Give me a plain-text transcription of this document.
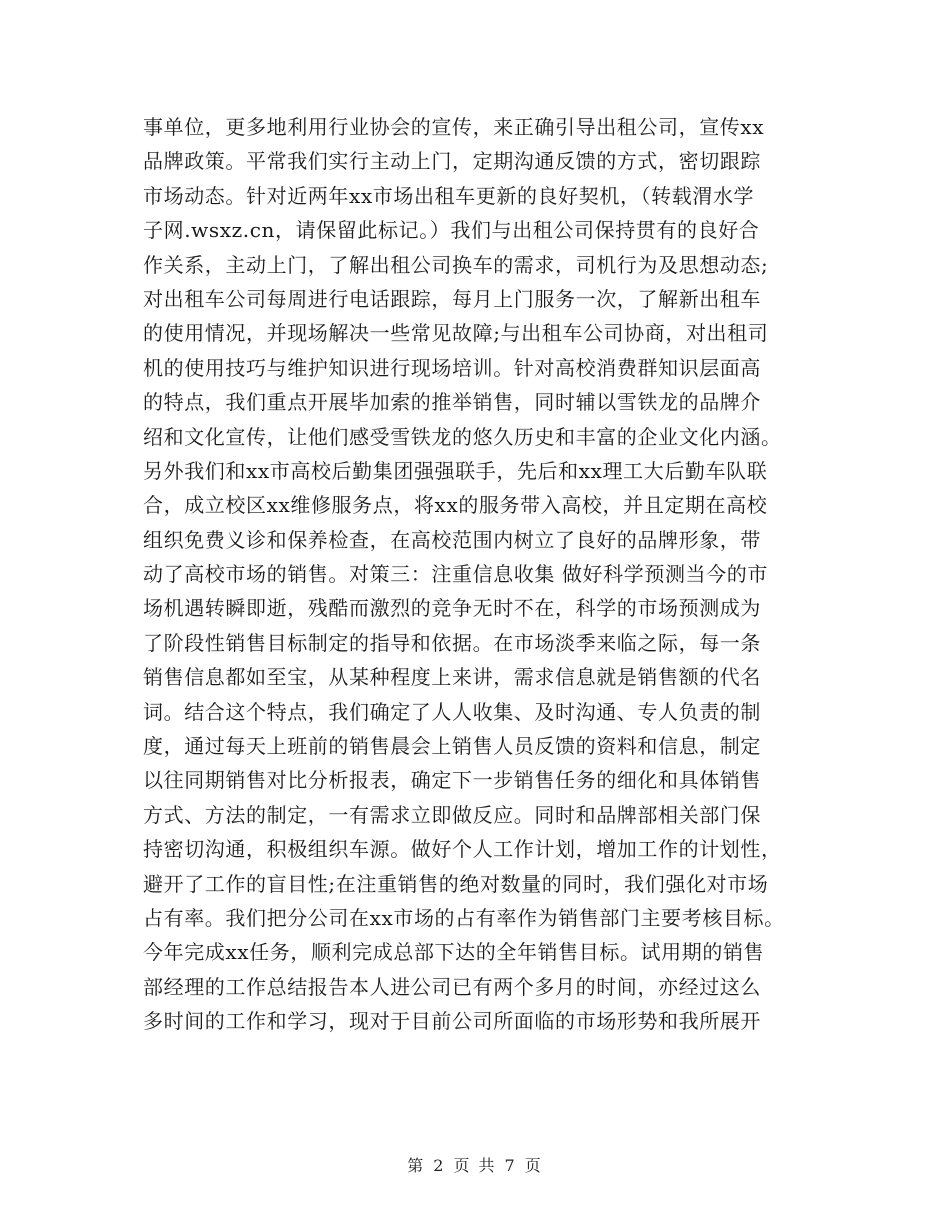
事单位，更多地利用行业协会的宣传，来正确引导出租公司，宣传xx
品牌政策。平常我们实行主动上门，定期沟通反馈的方式，密切跟踪
市场动态。针对近两年xx市场出租车更新的良好契机，（转载渭水学
子网.wsxz.cn，请保留此标记。）我们与出租公司保持贯有的良好合
作关系，主动上门，了解出租公司换车的需求，司机行为及思想动态;
对出租车公司每周进行电话跟踪，每月上门服务一次，了解新出租车
的使用情况，并现场解决一些常见故障;与出租车公司协商，对出租司
机的使用技巧与维护知识进行现场培训。针对高校消费群知识层面高
的特点，我们重点开展毕加索的推举销售，同时辅以雪铁龙的品牌介
绍和文化宣传，让他们感受雪铁龙的悠久历史和丰富的企业文化内涵。
另外我们和xx市高校后勤集团强强联手，先后和xx理工大后勤车队联
合，成立校区xx维修服务点，将xx的服务带入高校，并且定期在高校
组织免费义诊和保养检查，在高校范围内树立了良好的品牌形象，带
动了高校市场的销售。对策三：注重信息收集 做好科学预测当今的市
场机遇转瞬即逝，残酷而激烈的竞争无时不在，科学的市场预测成为
了阶段性销售目标制定的指导和依据。在市场淡季来临之际，每一条
销售信息都如至宝，从某种程度上来讲，需求信息就是销售额的代名
词。结合这个特点，我们确定了人人收集、及时沟通、专人负责的制
度，通过每天上班前的销售晨会上销售人员反馈的资料和信息，制定
以往同期销售对比分析报表，确定下一步销售任务的细化和具体销售
方式、方法的制定，一有需求立即做反应。同时和品牌部相关部门保
持密切沟通，积极组织车源。做好个人工作计划，增加工作的计划性，
避开了工作的盲目性;在注重销售的绝对数量的同时，我们强化对市场
占有率。我们把分公司在xx市场的占有率作为销售部门主要考核目标。
今年完成xx任务，顺利完成总部下达的全年销售目标。试用期的销售
部经理的工作总结报告本人进公司已有两个多月的时间，亦经过这么
多时间的工作和学习，现对于目前公司所面临的市场形势和我所展开
第 2 页 共 7 页
